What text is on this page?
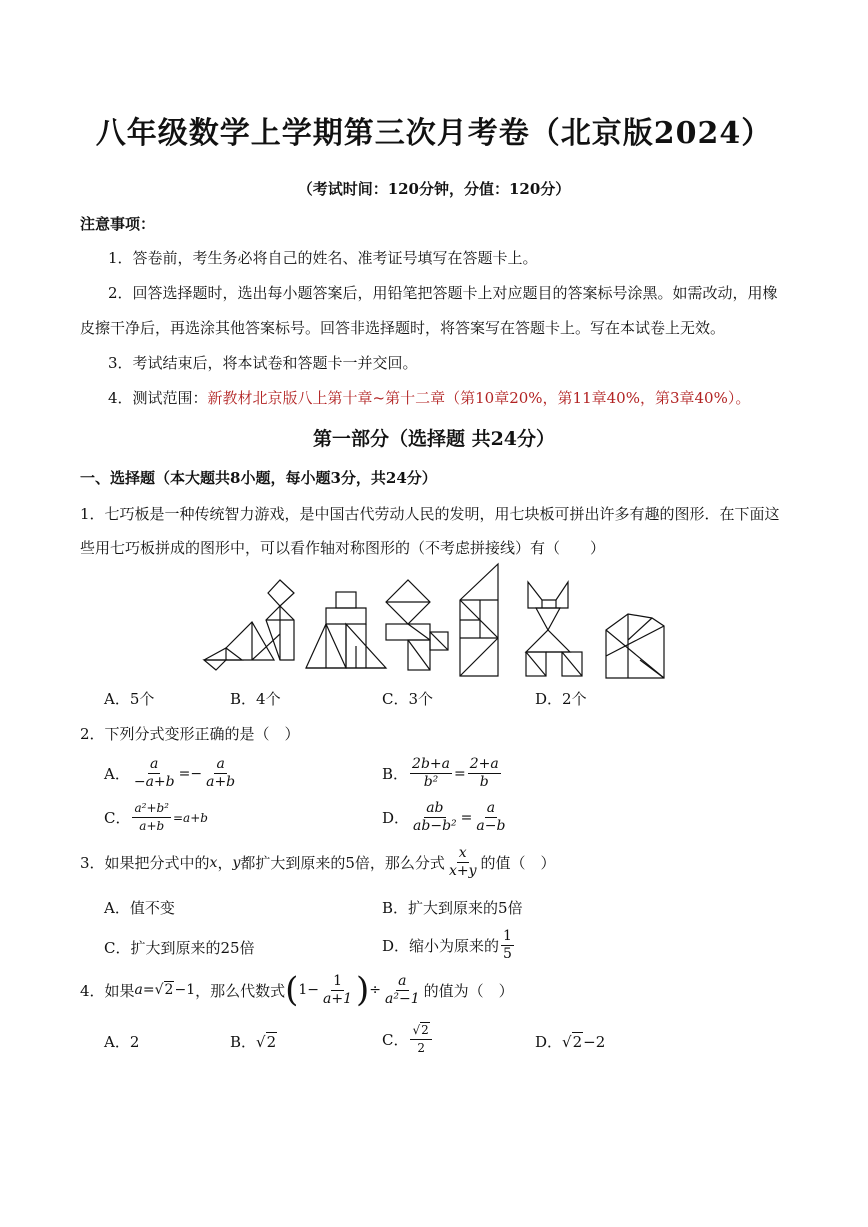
八年级数学上学期第三次月考卷（北京版2024）
（考试时间：120分钟，分值：120分）
注意事项：
1．答卷前，考生务必将自己的姓名、准考证号填写在答题卡上。
2．回答选择题时，选出每小题答案后，用铅笔把答题卡上对应题目的答案标号涂黑。如需改动，用橡
皮擦干净后，再选涂其他答案标号。回答非选择题时，将答案写在答题卡上。写在本试卷上无效。
3．考试结束后，将本试卷和答题卡一并交回。
4．测试范围：新教材北京版八上第十章~第十二章（第10章20%，第11章40%，第3章40%）。
第一部分（选择题 共24分）
一、选择题（本大题共8小题，每小题3分，共24分）
1．七巧板是一种传统智力游戏，是中国古代劳动人民的发明，用七块板可拼出许多有趣的图形．在下面这
些用七巧板拼成的图形中，可以看作轴对称图形的（不考虑拼接线）有（　　）
A．5个	B．4个	C．3个	D．2个
2．下列分式变形正确的是（　）
A． $\frac{a}{-a+b} =- \frac{a}{a+b}$	B． $\frac{2b+a}{\text{b²}} = \frac{2+a}{b}$
C． $\frac{\text{a²+b²}}{a+b} =a+b$	D． $\frac{ab}{\text{ab−b²}} = \frac{a}{a-b}$
3．如果把分式中的 x ， y 都扩大到原来的5倍，那么分式 $\frac{x}{x+y}$ 的值（　）
A．值不变	B．扩大到原来的5倍
C．扩大到原来的25倍	D．缩小为原来的 $\frac{1}{5}$
4．如果 a= √2 −1 ，那么代数式 ( $1- \frac{1}{a+1}$ ) ÷ $\frac{a}{\text{a²−1}}$ 的值为（　）
A．2	B．√2	C． $\frac{√2}{2}$	D．√2−2
